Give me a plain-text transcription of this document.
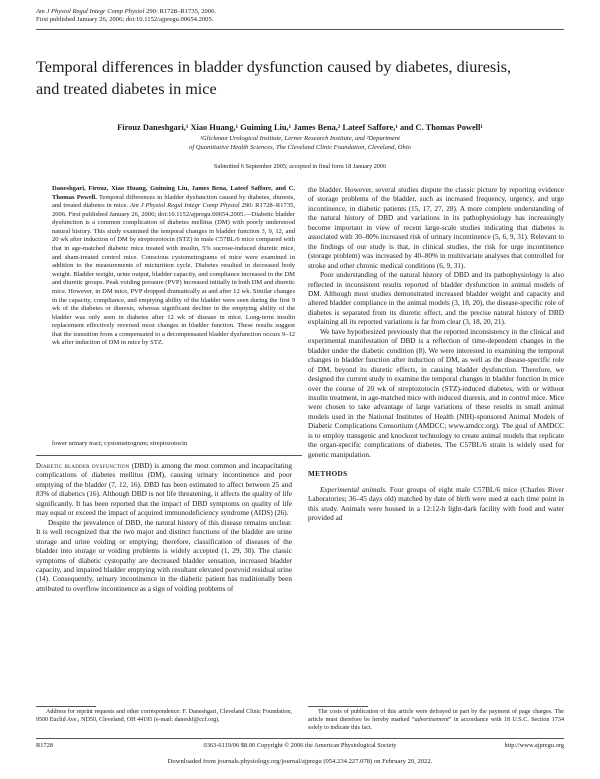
Am J Physiol Regul Integr Comp Physiol 290: R1728–R1735, 2006.
First published January 26, 2006; doi:10.1152/ajpregu.00654.2005.
Temporal differences in bladder dysfunction caused by diabetes, diuresis,
and treated diabetes in mice
Firouz Daneshgari,¹ Xiao Huang,¹ Guiming Liu,¹ James Bena,² Lateef Saffore,¹ and C. Thomas Powell¹
¹Glickman Urological Institute, Lerner Research Institute, and ²Department
of Quantitative Health Sciences, The Cleveland Clinic Foundation, Cleveland, Ohio
Submitted 6 September 2005; accepted in final form 18 January 2006
Daneshgari, Firouz, Xiao Huang, Guiming Liu, James Bena, Lateef Saffore, and C. Thomas Powell. Temporal differences in bladder dysfunction caused by diabetes, diuresis, and treated diabetes in mice. Am J Physiol Regul Integr Comp Physiol 290: R1728–R1735, 2006. First published January 26, 2006; doi:10.1152/ajpregu.00654.2005.—Diabetic bladder dysfunction is a common complication of diabetes mellitus (DM) with poorly understood natural history. This study examined the temporal changes in bladder function 3, 9, 12, and 20 wk after induction of DM by streptozotocin (STZ) in male C57BL/6 mice compared with that in age-matched diabetic mice treated with insulin, 5% sucrose-induced diuretic mice, and sham-treated control mice. Conscious cystometrograms of mice were examined in addition to the measurements of micturition cycle. Diabetes resulted in decreased body weight. Bladder weight, urine output, bladder capacity, and compliance increased in the DM and diuretic groups. Peak voiding pressure (PVP) increased initially in both DM and diuretic mice. However, in DM mice, PVP dropped dramatically at and after 12 wk. Similar changes in the capacity, compliance, and emptying ability of the bladder were seen during the first 9 wk of the diabetes or diuresis, whereas significant decline in the emptying ability of the bladder was only seen in diabetes after 12 wk of disease in mice. Long-term insulin replacement effectively reversed most changes in bladder function. These results suggest that the transition from a compensated to a decompensated bladder dysfunction occurs 9–12 wk after induction of DM in mice by STZ.
lower urinary tract; cystometrogram; streptozotocin

Diabetic bladder dysfunction (DBD) is among the most common and incapacitating complications of diabetes mellitus (DM), causing urinary incontinence and poor emptying of the bladder (7, 12, 16). DBD has been estimated to affect between 25 and 83% of diabetics (16). Although DBD is not life threatening, it affects the quality of life significantly. It has been reported that the impact of DBD symptoms on quality of life may equal or exceed the impact of acquired immunodeficiency syndrome (AIDS) (26).

Despite the prevalence of DBD, the natural history of this disease remains unclear. It is well recognized that the two major and distinct functions of the bladder are urine storage and urine voiding or emptying; therefore, classification of diseases of the bladder into storage or voiding problems is widely accepted (1, 29, 30). The classic symptoms of diabetic cystopathy are decreased bladder sensation, increased bladder capacity, and impaired bladder emptying with resultant elevated postvoid residual urine (14). Consequently, urinary incontinence in the diabetic patient has traditionally been attributed to overflow incontinence as a sign of voiding problems of

the bladder. However, several studies dispute the classic picture by reporting evidence of storage problems of the bladder, such as increased frequency, urgency, and urge incontinence, in diabetic patients (15, 17, 27, 28). A more complete understanding of the natural history of DBD and variations in its pathophysiology has increasingly become important in view of recent large-scale studies indicating that diabetes is associated with 30–80% increased risk of urinary incontinence (5, 6, 9, 31). Relevant to the findings of our study is that, in clinical studies, the risk for urge incontinence (storage problem) was increased by 40–80% in multivariate analyses that controlled for stroke and other chronic medical conditions (6, 9, 31).

Poor understanding of the natural history of DBD and its pathophysiology is also reflected in inconsistent results reported of bladder dysfunction in animal models of DM. Although most studies demonstrated increased bladder weight and capacity and altered bladder compliance in the animal models (3, 18, 20), the disease-specific role of diabetes is separated from its diuretic effect, and the precise natural history of DBD explaining all its reported variations is far from clear (3, 18, 20, 21).

We have hypothesized previously that the reported inconsistency in the clinical and experimental manifestation of DBD is a reflection of time-dependent changes in the bladder under the diabetic condition (8). We were interested in examining the temporal changes in bladder function after induction of DM, as well as the disease-specific role of DM, beyond its diuretic effects, in causing bladder dysfunction. Therefore, we designed the current study to examine the temporal changes in bladder function in mice over the course of 20 wk of streptozotocin (STZ)-induced diabetes, with or without insulin treatment, in age-matched mice with induced diuresis, and in control mice. Mice were chosen to take advantage of large variations of these results in small animal models used in the National Institutes of Health (NIH)-sponsored Animal Models of Diabetic Complications Consortium (AMDCC; www.amdcc.org). The goal of AMDCC is to employ transgenic and knockout technology to create animal models that replicate the organ-specific complications of diabetes. The C57BL/6 strain is widely used for genetic manipulation.

METHODS

Experimental animals. Four groups of eight male C57BL/6 mice (Charles River Laboratories; 36–45 days old) matched by date of birth were used at each time point in this study. Animals were housed in a 12:12-h light-dark facility with food and water provided ad

Address for reprint requests and other correspondence: F. Daneshgari, Cleveland Clinic Foundation, 9500 Euclid Ave., ND50, Cleveland, OH 44195 (e-mail: daneshf@ccf.org).
The costs of publication of this article were defrayed in part by the payment of page charges. The article must therefore be hereby marked “advertisement” in accordance with 18 U.S.C. Section 1734 solely to indicate this fact.
R1728	0363-6119/06 $8.00 Copyright © 2006 the American Physiological Society	http://www.ajpregu.org
Downloaded from journals.physiology.org/journal/ajpregu (054.234.227.078) on February 20, 2022.
